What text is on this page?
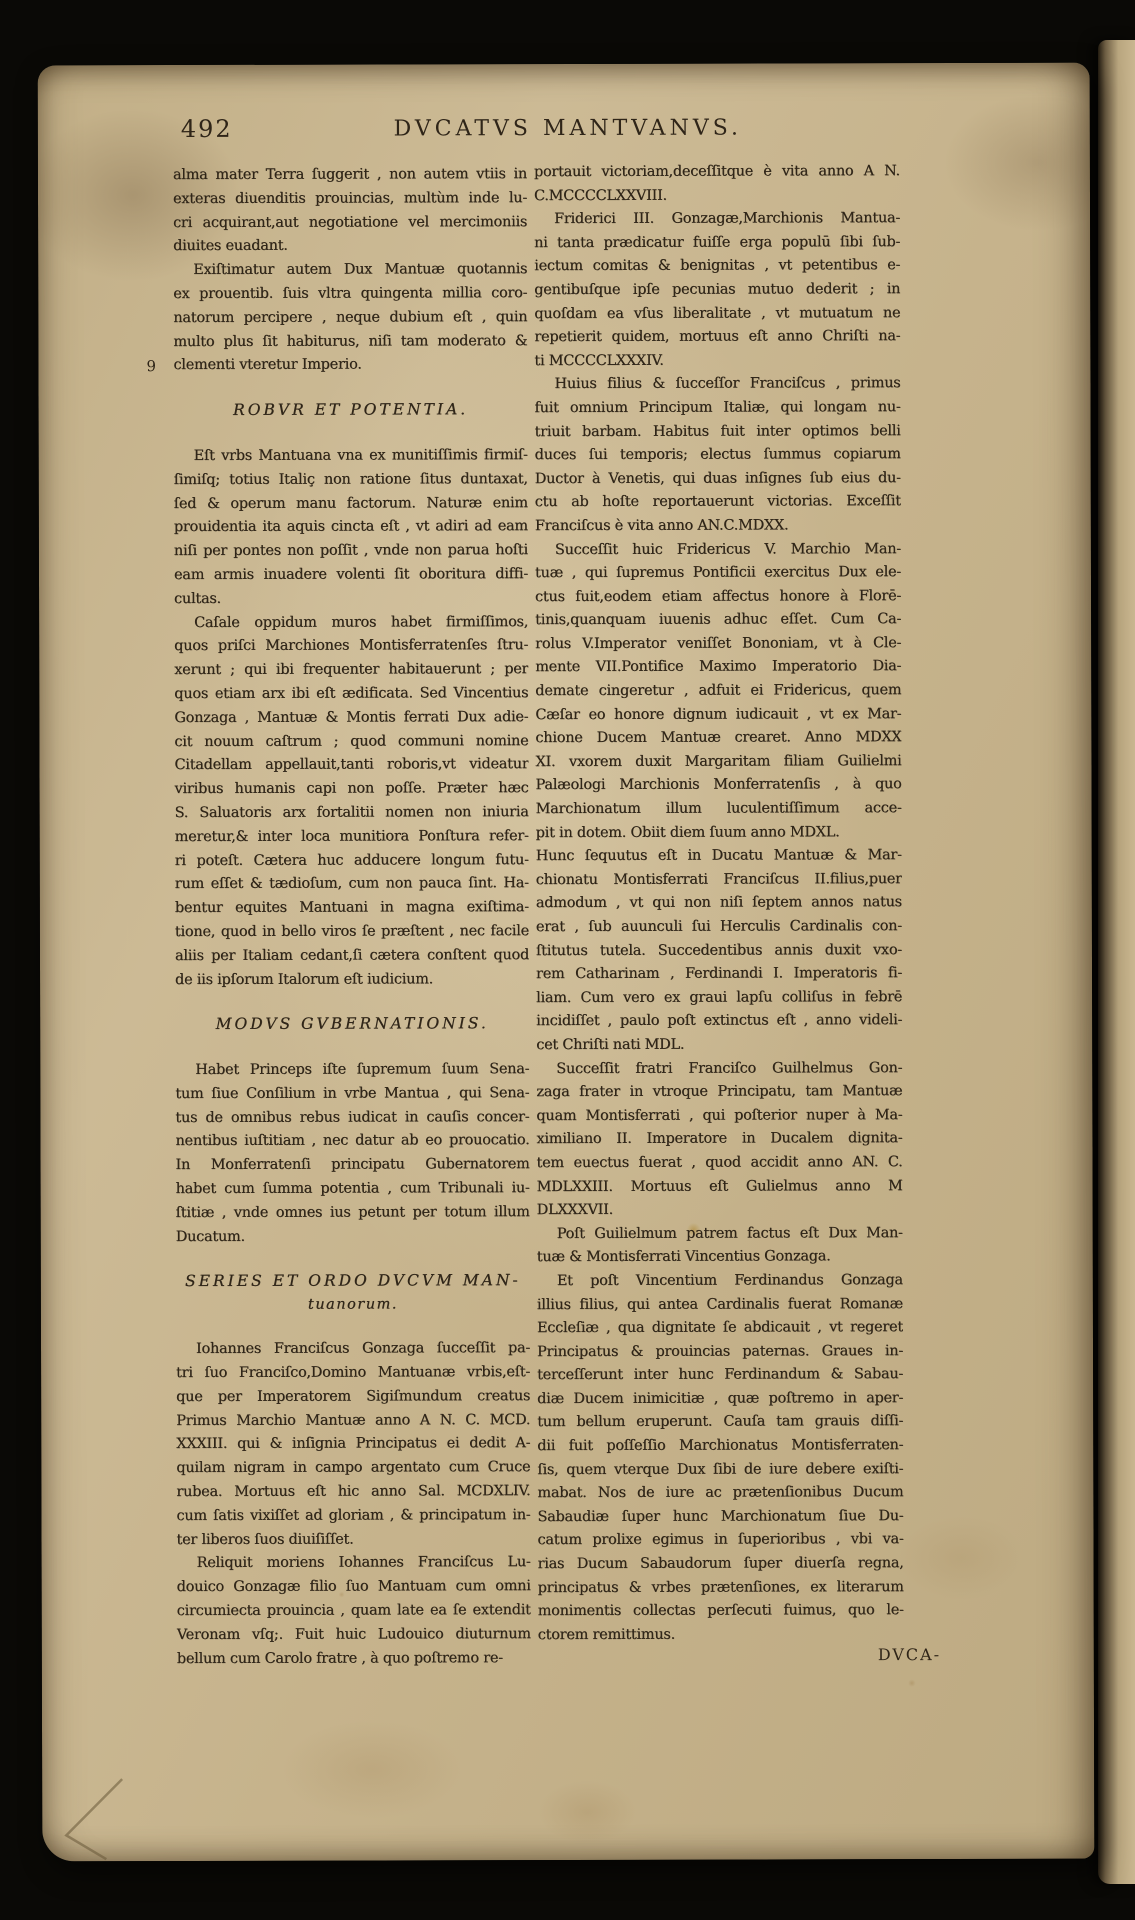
492	DVCATVS MANTVANVS.
9
alma mater Terra ſuggerit , non autem vtiis in
exteras diuenditis prouincias, multùm inde lu-
cri acquirant,aut negotiatione vel mercimoniis
diuites euadant.
Exiſtimatur autem Dux Mantuæ quotannis
ex prouentib. ſuis vltra quingenta millia coro-
natorum percipere , neque dubium eſt , quin
multo plus ſit habiturus, niſi tam moderato &
clementi vteretur Imperio.
ROBVR ET POTENTIA.
Eſt vrbs Mantuana vna ex munitiſſimis firmiſ-
ſimiſq; totius Italiç non ratione ſitus duntaxat,
ſed & operum manu factorum. Naturæ enim
prouidentia ita aquis cincta eſt , vt adiri ad eam
niſi per pontes non poſſit , vnde non parua hoſti
eam armis inuadere volenti ſit oboritura diffi-
cultas.
Caſale oppidum muros habet firmiſſimos,
quos priſci Marchiones Montisferratenſes ſtru-
xerunt ; qui ibi frequenter habitauerunt ; per
quos etiam arx ibi eſt ædificata. Sed Vincentius
Gonzaga , Mantuæ & Montis ferrati Dux adie-
cit nouum caſtrum ; quod communi nomine
Citadellam appellauit,tanti roboris,vt videatur
viribus humanis capi non poſſe. Præter hæc
S. Saluatoris arx fortalitii nomen non iniuria
meretur,& inter loca munitiora Ponſtura refer-
ri poteſt. Cætera huc adducere longum futu-
rum eſſet & tædioſum, cum non pauca ſint. Ha-
bentur equites Mantuani in magna exiſtima-
tione, quod in bello viros ſe præſtent , nec facile
aliis per Italiam cedant,ſi cætera conſtent quod
de iis ipſorum Italorum eſt iudicium.
MODVS GVBERNATIONIS.
Habet Princeps iſte ſupremum ſuum Sena-
tum ſiue Conſilium in vrbe Mantua , qui Sena-
tus de omnibus rebus iudicat in cauſis concer-
nentibus iuſtitiam , nec datur ab eo prouocatio.
In Monferratenſi principatu Gubernatorem
habet cum ſumma potentia , cum Tribunali iu-
ſtitiæ , vnde omnes ius petunt per totum illum
Ducatum.
SERIES ET ORDO DVCVM MAN-
tuanorum.
Iohannes Franciſcus Gonzaga ſucceſſit pa-
tri ſuo Franciſco,Domino Mantuanæ vrbis,eſt-
que per Imperatorem Sigiſmundum creatus
Primus Marchio Mantuæ anno A N. C. MCD.
XXXIII. qui & inſignia Principatus ei dedit A-
quilam nigram in campo argentato cum Cruce
rubea. Mortuus eſt hic anno Sal. MCDXLIV.
cum ſatis vixiſſet ad gloriam , & principatum in-
ter liberos ſuos diuiſiſſet.
Reliquit moriens Iohannes Franciſcus Lu-
douico Gonzagæ filio ſuo Mantuam cum omni
circumiecta prouincia , quam late ea ſe extendit
Veronam vſq;. Fuit huic Ludouico diuturnum
bellum cum Carolo fratre , à quo poſtremo re-
portauit victoriam,deceſſitque è vita anno A N.
C.MCCCCLXXVIII.
Friderici III. Gonzagæ,Marchionis Mantua-
ni tanta prædicatur fuiſſe erga populū ſibi ſub-
iectum comitas & benignitas , vt petentibus e-
gentibuſque ipſe pecunias mutuo dederit ; in
quoſdam ea vſus liberalitate , vt mutuatum ne
repetierit quidem, mortuus eſt anno Chriſti na-
ti MCCCCLXXXIV.
Huius filius & ſucceſſor Franciſcus , primus
fuit omnium Principum Italiæ, qui longam nu-
triuit barbam. Habitus fuit inter optimos belli
duces ſui temporis; electus ſummus copiarum
Ductor à Venetis, qui duas inſignes ſub eius du-
ctu ab hoſte reportauerunt victorias. Exceſſit
Franciſcus è vita anno AN.C.MDXX.
Succeſſit huic Fridericus V. Marchio Man-
tuæ , qui ſupremus Pontificii exercitus Dux ele-
ctus fuit,eodem etiam affectus honore à Florē-
tinis,quanquam iuuenis adhuc eſſet. Cum Ca-
rolus V.Imperator veniſſet Bononiam, vt à Cle-
mente VII.Pontifice Maximo Imperatorio Dia-
demate cingeretur , adfuit ei Fridericus, quem
Cæſar eo honore dignum iudicauit , vt ex Mar-
chione Ducem Mantuæ crearet. Anno MDXX
XI. vxorem duxit Margaritam filiam Guilielmi
Palæologi Marchionis Monferratenſis , à quo
Marchionatum illum luculentiſſimum acce-
pit in dotem. Obiit diem ſuum anno MDXL.
Hunc ſequutus eſt in Ducatu Mantuæ & Mar-
chionatu Montisferrati Franciſcus II.filius,puer
admodum , vt qui non niſi ſeptem annos natus
erat , ſub auunculi ſui Herculis Cardinalis con-
ſtitutus tutela. Succedentibus annis duxit vxo-
rem Catharinam , Ferdinandi I. Imperatoris fi-
liam. Cum vero ex graui lapſu colliſus in febrē
incidiſſet , paulo poſt extinctus eſt , anno videli-
cet Chriſti nati MDL.
Succeſſit fratri Franciſco Guilhelmus Gon-
zaga frater in vtroque Principatu, tam Mantuæ
quam Montisferrati , qui poſterior nuper à Ma-
ximiliano II. Imperatore in Ducalem dignita-
tem euectus fuerat , quod accidit anno AN. C.
MDLXXIII. Mortuus eſt Gulielmus anno M
DLXXXVII.
Poſt Guilielmum patrem factus eſt Dux Man-
tuæ & Montisferrati Vincentius Gonzaga.
Et poſt Vincentium Ferdinandus Gonzaga
illius filius, qui antea Cardinalis fuerat Romanæ
Eccleſiæ , qua dignitate ſe abdicauit , vt regeret
Principatus & prouincias paternas. Graues in-
terceſſerunt inter hunc Ferdinandum & Sabau-
diæ Ducem inimicitiæ , quæ poſtremo in aper-
tum bellum eruperunt. Cauſa tam grauis diſſi-
dii fuit poſſeſſio Marchionatus Montisferraten-
ſis, quem vterque Dux ſibi de iure debere exiſti-
mabat. Nos de iure ac prætenſionibus Ducum
Sabaudiæ ſuper hunc Marchionatum ſiue Du-
catum prolixe egimus in ſuperioribus , vbi va-
rias Ducum Sabaudorum ſuper diuerſa regna,
principatus & vrbes prætenſiones, ex literarum
monimentis collectas perſecuti fuimus, quo le-
ctorem remittimus.
DVCA-
